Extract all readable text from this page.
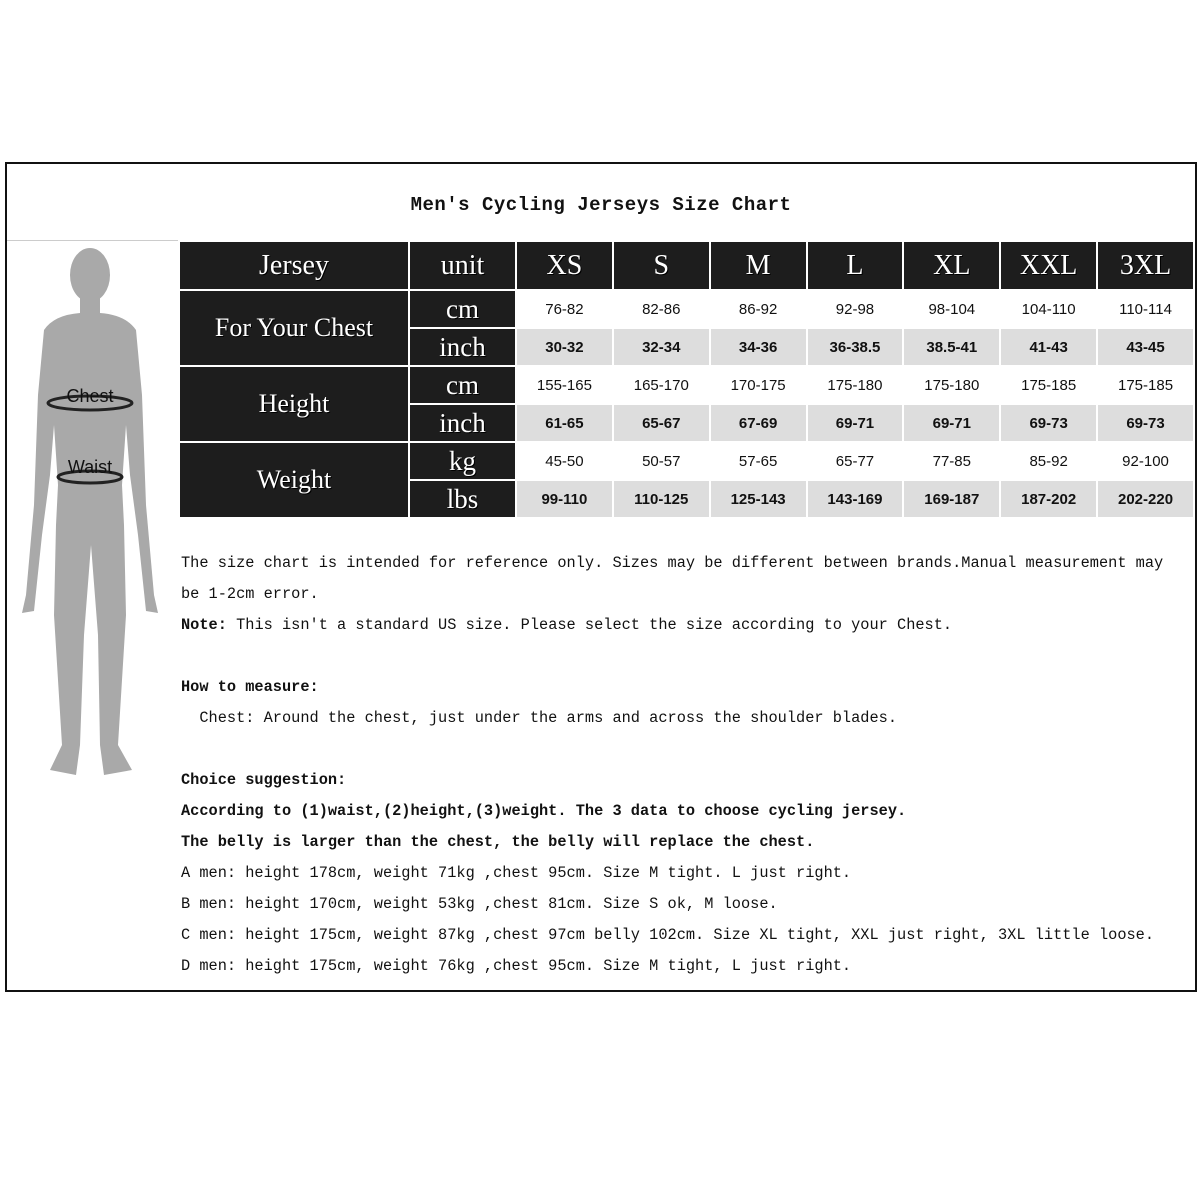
Men's Cycling Jerseys Size Chart
Chest
Waist
Jersey	unit	XS	S	M	L	XL	XXL	3XL
For Your Chest	cm	76-82	82-86	86-92	92-98	98-104	104-110	110-114
	inch	30-32	32-34	34-36	36-38.5	38.5-41	41-43	43-45
Height	cm	155-165	165-170	170-175	175-180	175-180	175-185	175-185
	inch	61-65	65-67	67-69	69-71	69-71	69-73	69-73
Weight	kg	45-50	50-57	57-65	65-77	77-85	85-92	92-100
	lbs	99-110	110-125	125-143	143-169	169-187	187-202	202-220
The size chart is intended for reference only. Sizes may be different between brands.Manual measurement may
be 1-2cm error.
Note: This isn't a standard US size. Please select the size according to your Chest.

How to measure:
Chest: Around the chest, just under the arms and across the shoulder blades.

Choice suggestion:
According to (1)waist,(2)height,(3)weight. The 3 data to choose cycling jersey.
The belly is larger than the chest, the belly will replace the chest.
A men: height 178cm, weight 71kg ,chest 95cm. Size M tight. L just right.
B men: height 170cm, weight 53kg ,chest 81cm. Size S ok, M loose.
C men: height 175cm, weight 87kg ,chest 97cm belly 102cm. Size XL tight, XXL just right, 3XL little loose.
D men: height 175cm, weight 76kg ,chest 95cm. Size M tight, L just right.
